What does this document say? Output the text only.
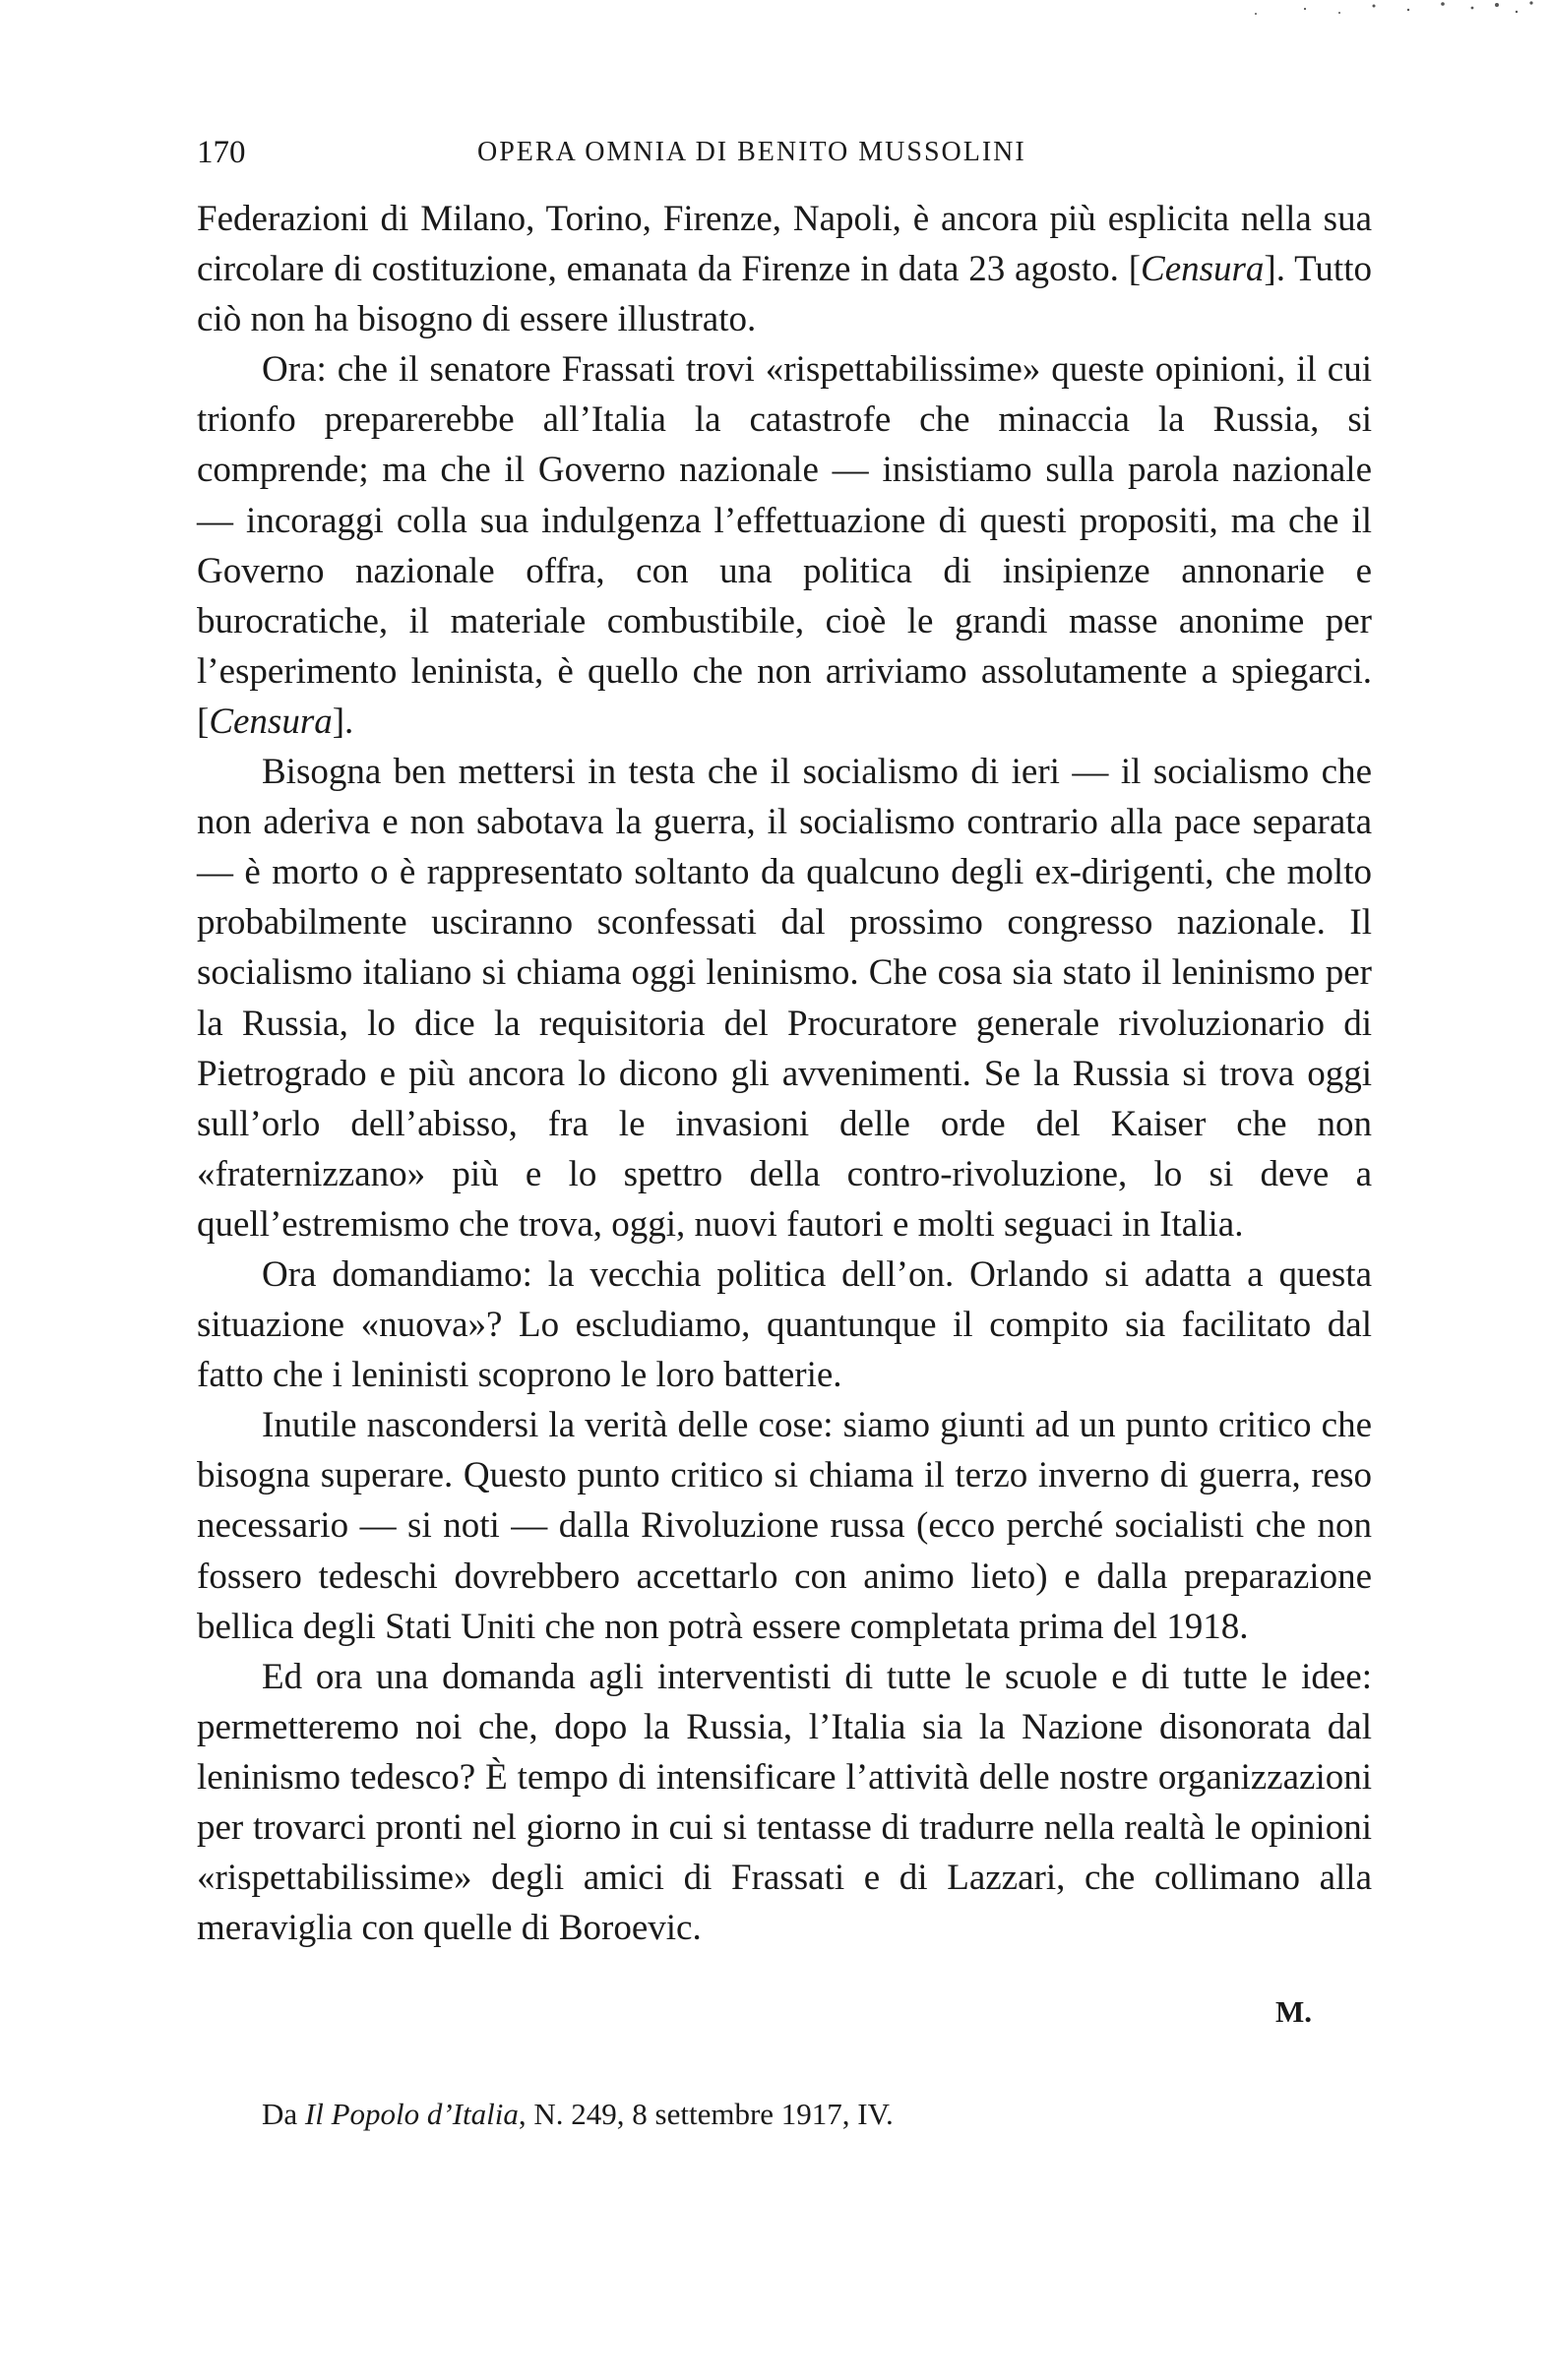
170	OPERA OMNIA DI BENITO MUSSOLINI

Federazioni di Milano, Torino, Firenze, Napoli, è ancora più esplicita nella sua circolare di costituzione, emanata da Firenze in data 23 agosto. [Censura]. Tutto ciò non ha bisogno di essere illustrato.

Ora: che il senatore Frassati trovi «rispettabilissime» queste opinioni, il cui trionfo preparerebbe all’Italia la catastrofe che minaccia la Russia, si comprende; ma che il Governo nazionale — insistiamo sulla parola nazionale — incoraggi colla sua indulgenza l’effettuazione di questi propositi, ma che il Governo nazionale offra, con una politica di insipienze annonarie e burocratiche, il materiale combustibile, cioè le grandi masse anonime per l’esperimento leninista, è quello che non arriviamo assolutamente a spiegarci. [Censura].

Bisogna ben mettersi in testa che il socialismo di ieri — il socialismo che non aderiva e non sabotava la guerra, il socialismo contrario alla pace separata — è morto o è rappresentato soltanto da qualcuno degli ex-dirigenti, che molto probabilmente usciranno sconfessati dal prossimo congresso nazionale. Il socialismo italiano si chiama oggi leninismo. Che cosa sia stato il leninismo per la Russia, lo dice la requisitoria del Procuratore generale rivoluzionario di Pietrogrado e più ancora lo dicono gli avvenimenti. Se la Russia si trova oggi sull’orlo dell’abisso, fra le invasioni delle orde del Kaiser che non «fraternizzano» più e lo spettro della contro-rivoluzione, lo si deve a quell’estremismo che trova, oggi, nuovi fautori e molti seguaci in Italia.

Ora domandiamo: la vecchia politica dell’on. Orlando si adatta a questa situazione «nuova»? Lo escludiamo, quantunque il compito sia facilitato dal fatto che i leninisti scoprono le loro batterie.

Inutile nascondersi la verità delle cose: siamo giunti ad un punto critico che bisogna superare. Questo punto critico si chiama il terzo inverno di guerra, reso necessario — si noti — dalla Rivoluzione russa (ecco perché socialisti che non fossero tedeschi dovrebbero accettarlo con animo lieto) e dalla preparazione bellica degli Stati Uniti che non potrà essere completata prima del 1918.

Ed ora una domanda agli interventisti di tutte le scuole e di tutte le idee: permetteremo noi che, dopo la Russia, l’Italia sia la Nazione disonorata dal leninismo tedesco? È tempo di intensificare l’attività delle nostre organizzazioni per trovarci pronti nel giorno in cui si tentasse di tradurre nella realtà le opinioni «rispettabilissime» degli amici di Frassati e di Lazzari, che collimano alla meraviglia con quelle di Boroevic.

M.
Da Il Popolo d’Italia, N. 249, 8 settembre 1917, IV.
